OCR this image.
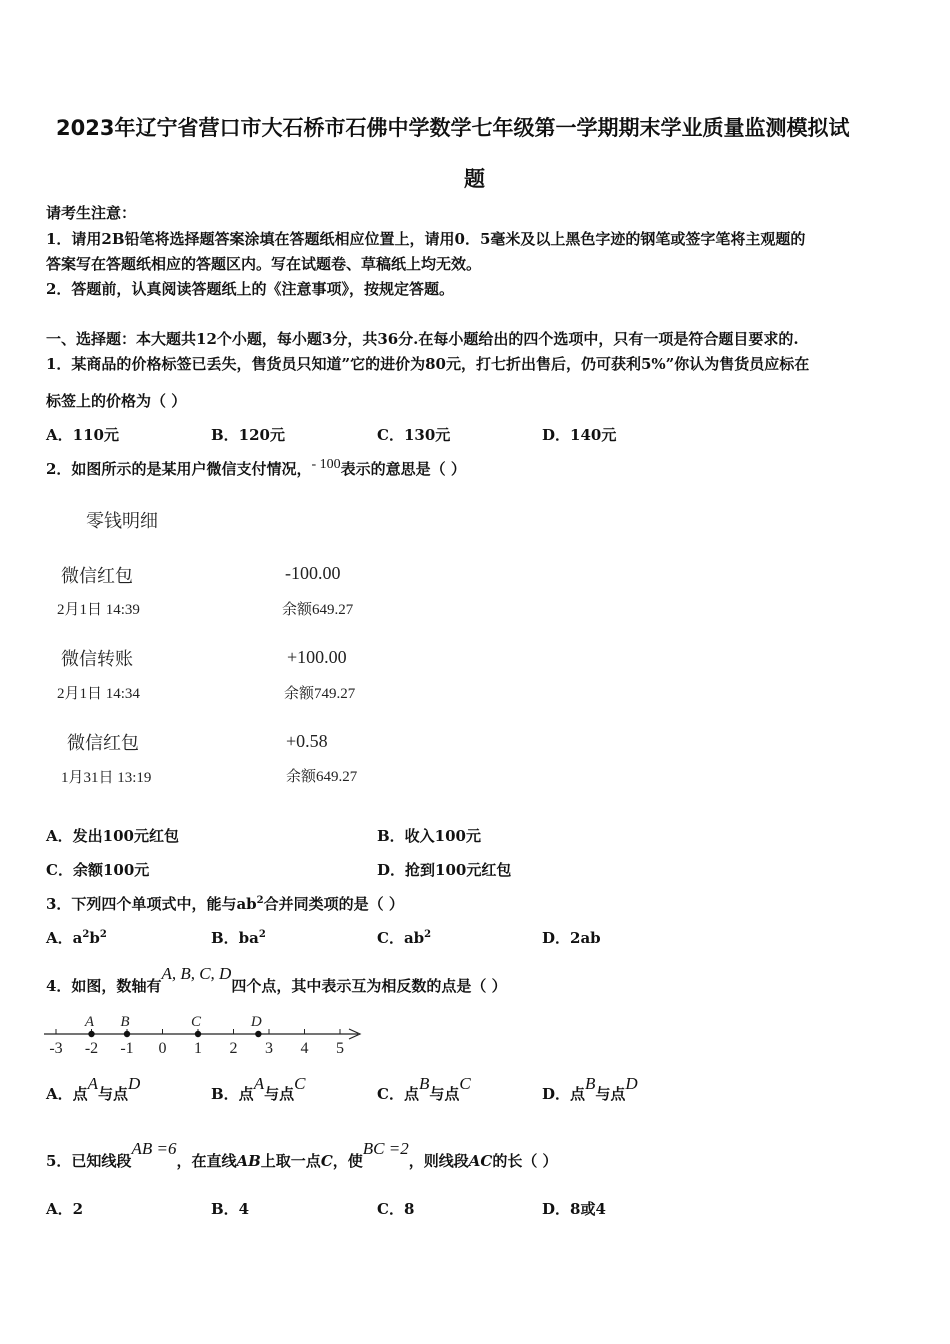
2023年辽宁省营口市大石桥市石佛中学数学七年级第一学期期末学业质量监测模拟试
题
请考生注意：
1．请用2B铅笔将选择题答案涂填在答题纸相应位置上，请用0．5毫米及以上黑色字迹的钢笔或签字笔将主观题的
答案写在答题纸相应的答题区内。写在试题卷、草稿纸上均无效。
2．答题前，认真阅读答题纸上的《注意事项》，按规定答题。
一、选择题：本大题共12个小题，每小题3分，共36分.在每小题给出的四个选项中，只有一项是符合题目要求的.
1．某商品的价格标签已丢失，售货员只知道”它的进价为80元，打七折出售后，仍可获利5%”你认为售货员应标在
标签上的价格为（ ）
A．110元	B．120元	C．130元	D．140元
2．如图所示的是某用户微信支付情况，- 100表示的意思是（ ）
零钱明细
微信红包	-100.00
2月1日 14:39	余额649.27
微信转账	+100.00
2月1日 14:34	余额749.27
微信红包	+0.58
1月31日 13:19	余额649.27
A．发出100元红包	B．收入100元
C．余额100元	D．抢到100元红包
3．下列四个单项式中，能与$ab^2$合并同类项的是（ ）
A．$a^2b^2$	B．$ba^2$	C．$ab^2$	D．2ab
4．如图，数轴有A, B, C, D四个点，其中表示互为相反数的点是（ ）
-3 -2 -1 0 1 2 3 4 5
A B	C	D
A．点A与点D
B．点A与点C
C．点B与点C
D．点B与点D
5．已知线段AB =6，在直线AB上取一点C，使BC =2，则线段AC的长（ ）
A．2	B．4	C．8	D．8或4
